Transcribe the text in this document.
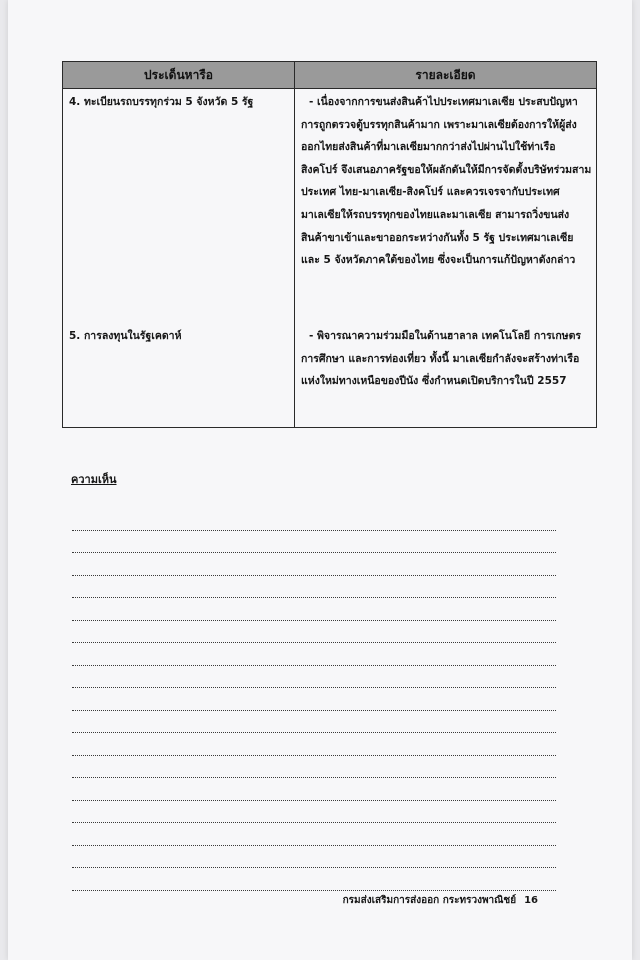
ประเด็นหารือ	รายละเอียด
4. ทะเบียนรถบรรทุกร่วม 5 จังหวัด 5 รัฐ	- เนื่องจากการขนส่งสินค้าไปประเทศมาเลเซีย ประสบปัญหาการถูกตรวจตู้บรรทุกสินค้ามาก เพราะมาเลเซียต้องการให้ผู้ส่งออกไทยส่งสินค้าที่มาเลเซียมากกว่าส่งไปผ่านไปใช้ท่าเรือสิงคโปร์ จึงเสนอภาครัฐขอให้ผลักดันให้มีการจัดตั้งบริษัทร่วมสามประเทศ ไทย-มาเลเซีย-สิงคโปร์ และควรเจรจากับประเทศมาเลเซียให้รถบรรทุกของไทยและมาเลเซีย สามารถวิ่งขนส่งสินค้าขาเข้าและขาออกระหว่างกันทั้ง 5 รัฐ ประเทศมาเลเซียและ 5 จังหวัดภาคใต้ของไทย ซึ่งจะเป็นการแก้ปัญหาดังกล่าว

5. การลงทุนในรัฐเคดาห์	- พิจารณาความร่วมมือในด้านฮาลาล เทคโนโลยี การเกษตร การศึกษา และการท่องเที่ยว ทั้งนี้ มาเลเซียกำลังจะสร้างท่าเรือแห่งใหม่ทางเหนือของปีนัง ซึ่งกำหนดเปิดบริการในปี 2557

ความเห็น
กรมส่งเสริมการส่งออก กระทรวงพาณิชย์ 16
